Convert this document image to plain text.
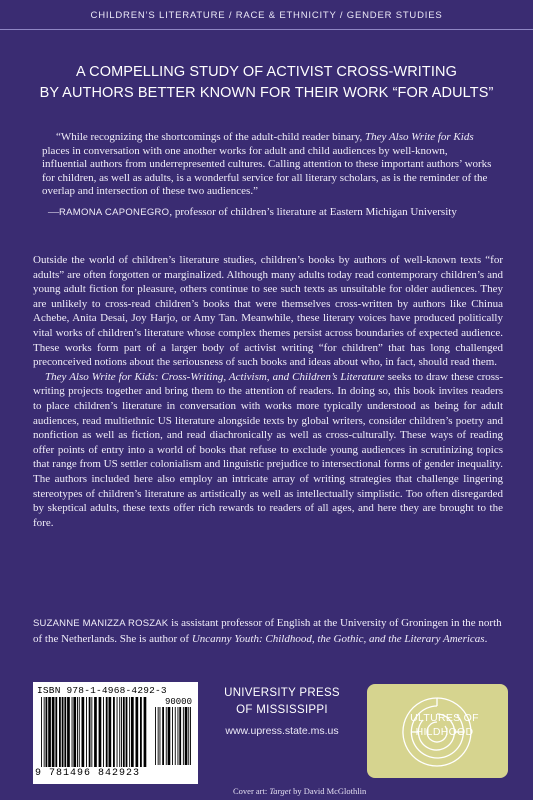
CHILDREN’S LITERATURE / RACE & ETHNICITY / GENDER STUDIES
A COMPELLING STUDY OF ACTIVIST CROSS-WRITING
BY AUTHORS BETTER KNOWN FOR THEIR WORK “FOR ADULTS”
“While recognizing the shortcomings of the adult-child reader binary, They Also Write for Kids places in conversation with one another works for adult and child audiences by well-known, influential authors from underrepresented cultures. Calling attention to these important authors’ works for children, as well as adults, is a wonderful service for all literary scholars, as is the reminder of the overlap and intersection of these two audiences.”
—RAMONA CAPONEGRO, professor of children’s literature at Eastern Michigan University

Outside the world of children’s literature studies, children’s books by authors of well-known texts “for adults” are often forgotten or marginalized. Although many adults today read contemporary children’s and young adult fiction for pleasure, others continue to see such texts as unsuitable for older audiences. They are unlikely to cross-read children’s books that were themselves cross-written by authors like Chinua Achebe, Anita Desai, Joy Harjo, or Amy Tan. Meanwhile, these literary voices have produced politically vital works of children’s literature whose complex themes persist across boundaries of expected audience. These works form part of a larger body of activist writing “for children” that has long challenged preconceived notions about the seriousness of such books and ideas about who, in fact, should read them.

They Also Write for Kids: Cross-Writing, Activism, and Children’s Literature seeks to draw these cross-writing projects together and bring them to the attention of readers. In doing so, this book invites readers to place children’s literature in conversation with works more typically understood as being for adult audiences, read multiethnic US literature alongside texts by global writers, consider children’s poetry and nonfiction as well as fiction, and read diachronically as well as cross-culturally. These ways of reading offer points of entry into a world of books that refuse to exclude young audiences in scrutinizing topics that range from US settler colonialism and linguistic prejudice to intersectional forms of gender inequality. The authors included here also employ an intricate array of writing strategies that challenge lingering stereotypes of children’s literature as artistically as well as intellectually simplistic. Too often disregarded by skeptical adults, these texts offer rich rewards to readers of all ages, and here they are brought to the fore.

SUZANNE MANIZZA ROSZAK is assistant professor of English at the University of Groningen in the north of the Netherlands. She is author of Uncanny Youth: Childhood, the Gothic, and the Literary Americas.
ISBN 978-1-4968-4292-3
90000
9 781496 842923
UNIVERSITY PRESS
OF MISSISSIPPI
www.upress.state.ms.us
ULTURES OF
HILDHOOD
Cover art: Target by David McGlothlin
